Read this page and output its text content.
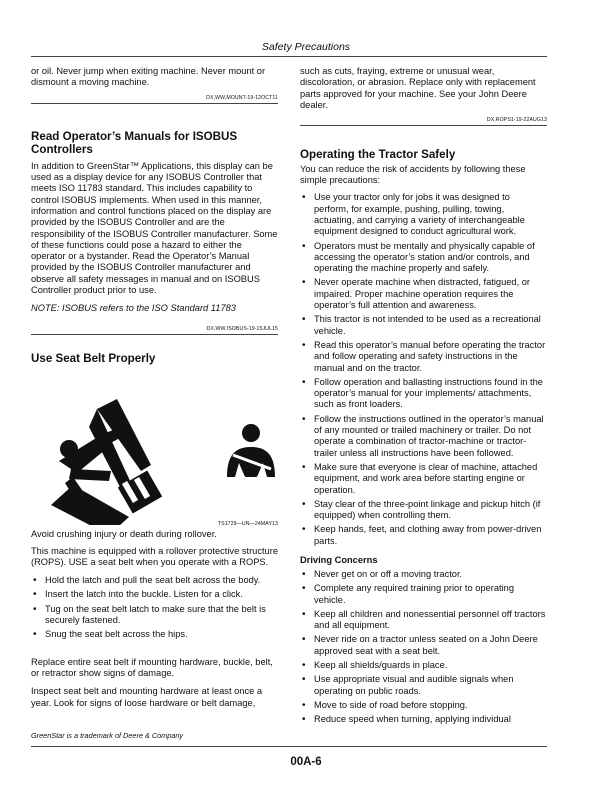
Safety Precautions

or oil. Never jump when exiting machine. Never mount or dismount a moving machine.

DX,WW,MOUNT-19-12OCT11
Read Operator’s Manuals for ISOBUS Controllers

In addition to GreenStar™ Applications, this display can be used as a display device for any ISOBUS Controller that meets ISO 11783 standard. This includes capability to control ISOBUS implements. When used in this manner, information and control functions placed on the display are provided by the ISOBUS Controller and are the responsibility of the ISOBUS Controller manufacturer. Some of these functions could pose a hazard to either the operator or a bystander. Read the Operator’s Manual provided by the ISOBUS Controller manufacturer and observe all safety messages in manual and on ISOBUS Controller product prior to use.

NOTE: ISOBUS refers to the ISO Standard 11783

DX,WW,ISOBUS-19-15JUL15
Use Seat Belt Properly
TS1729—UN—24MAY13

Avoid crushing injury or death during rollover.

This machine is equipped with a rollover protective structure (ROPS). USE a seat belt when you operate with a ROPS.

• Hold the latch and pull the seat belt across the body.
• Insert the latch into the buckle. Listen for a click.
• Tug on the seat belt latch to make sure that the belt is securely fastened.
• Snug the seat belt across the hips.

Replace entire seat belt if mounting hardware, buckle, belt, or retractor show signs of damage.

Inspect seat belt and mounting hardware at least once a year. Look for signs of loose hardware or belt damage,

such as cuts, fraying, extreme or unusual wear, discoloration, or abrasion. Replace only with replacement parts approved for your machine. See your John Deere dealer.

DX,ROPS1-19-22AUG13
Operating the Tractor Safely

You can reduce the risk of accidents by following these simple precautions:

• Use your tractor only for jobs it was designed to perform, for example, pushing, pulling, towing, actuating, and carrying a variety of interchangeable equipment designed to conduct agricultural work.
• Operators must be mentally and physically capable of accessing the operator’s station and/or controls, and operating the machine properly and safely.
• Never operate machine when distracted, fatigued, or impaired. Proper machine operation requires the operator’s full attention and awareness.
• This tractor is not intended to be used as a recreational vehicle.
• Read this operator’s manual before operating the tractor and follow operating and safety instructions in the manual and on the tractor.
• Follow operation and ballasting instructions found in the operator’s manual for your implements/ attachments, such as front loaders.
• Follow the instructions outlined in the operator’s manual of any mounted or trailed machinery or trailer. Do not operate a combination of tractor-machine or tractor-trailer unless all instructions have been followed.
• Make sure that everyone is clear of machine, attached equipment, and work area before starting engine or operation.
• Stay clear of the three-point linkage and pickup hitch (if equipped) when controlling them.
• Keep hands, feet, and clothing away from power-driven parts.
Driving Concerns
• Never get on or off a moving tractor.
• Complete any required training prior to operating vehicle.
• Keep all children and nonessential personnel off tractors and all equipment.
• Never ride on a tractor unless seated on a John Deere approved seat with a seat belt.
• Keep all shields/guards in place.
• Use appropriate visual and audible signals when operating on public roads.
• Move to side of road before stopping.
• Reduce speed when turning, applying individual
GreenStar is a trademark of Deere & Company
00A-6
